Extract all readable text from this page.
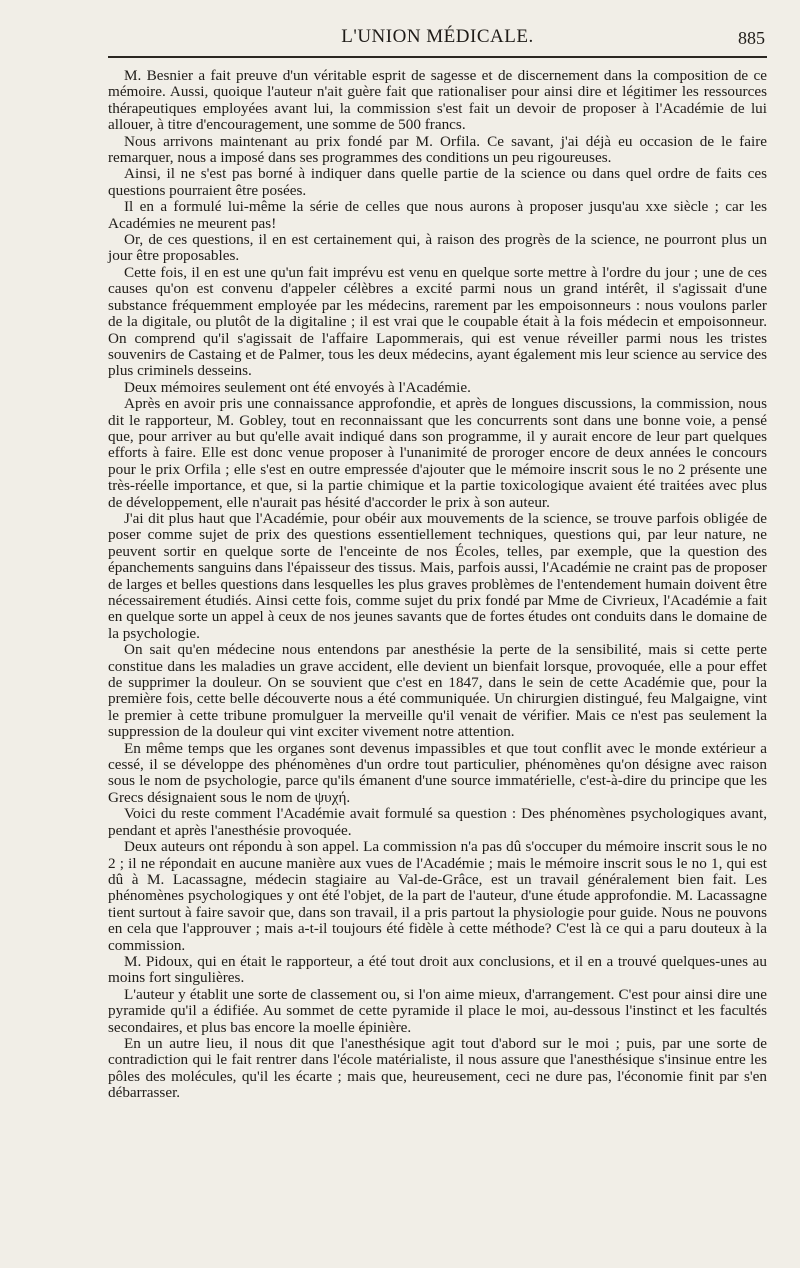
L'UNION MÉDICALE.	885

M. Besnier a fait preuve d'un véritable esprit de sagesse et de discernement dans la composition de ce mémoire. Aussi, quoique l'auteur n'ait guère fait que rationaliser pour ainsi dire et légitimer les ressources thérapeutiques employées avant lui, la commission s'est fait un devoir de proposer à l'Académie de lui allouer, à titre d'encouragement, une somme de 500 francs.

Nous arrivons maintenant au prix fondé par M. Orfila. Ce savant, j'ai déjà eu occasion de le faire remarquer, nous a imposé dans ses programmes des conditions un peu rigoureuses.

Ainsi, il ne s'est pas borné à indiquer dans quelle partie de la science ou dans quel ordre de faits ces questions pourraient être posées.

Il en a formulé lui-même la série de celles que nous aurons à proposer jusqu'au xxe siècle ; car les Académies ne meurent pas!

Or, de ces questions, il en est certainement qui, à raison des progrès de la science, ne pourront plus un jour être proposables.

Cette fois, il en est une qu'un fait imprévu est venu en quelque sorte mettre à l'ordre du jour ; une de ces causes qu'on est convenu d'appeler célèbres a excité parmi nous un grand intérêt, il s'agissait d'une substance fréquemment employée par les médecins, rarement par les empoisonneurs : nous voulons parler de la digitale, ou plutôt de la digitaline ; il est vrai que le coupable était à la fois médecin et empoisonneur. On comprend qu'il s'agissait de l'affaire Lapommerais, qui est venue réveiller parmi nous les tristes souvenirs de Castaing et de Palmer, tous les deux médecins, ayant également mis leur science au service des plus criminels desseins.

Deux mémoires seulement ont été envoyés à l'Académie.

Après en avoir pris une connaissance approfondie, et après de longues discussions, la commission, nous dit le rapporteur, M. Gobley, tout en reconnaissant que les concurrents sont dans une bonne voie, a pensé que, pour arriver au but qu'elle avait indiqué dans son programme, il y aurait encore de leur part quelques efforts à faire. Elle est donc venue proposer à l'unanimité de proroger encore de deux années le concours pour le prix Orfila ; elle s'est en outre empressée d'ajouter que le mémoire inscrit sous le no 2 présente une très-réelle importance, et que, si la partie chimique et la partie toxicologique avaient été traitées avec plus de développement, elle n'aurait pas hésité d'accorder le prix à son auteur.

J'ai dit plus haut que l'Académie, pour obéir aux mouvements de la science, se trouve parfois obligée de poser comme sujet de prix des questions essentiellement techniques, questions qui, par leur nature, ne peuvent sortir en quelque sorte de l'enceinte de nos Écoles, telles, par exemple, que la question des épanchements sanguins dans l'épaisseur des tissus. Mais, parfois aussi, l'Académie ne craint pas de proposer de larges et belles questions dans lesquelles les plus graves problèmes de l'entendement humain doivent être nécessairement étudiés. Ainsi cette fois, comme sujet du prix fondé par Mme de Civrieux, l'Académie a fait en quelque sorte un appel à ceux de nos jeunes savants que de fortes études ont conduits dans le domaine de la psychologie.

On sait qu'en médecine nous entendons par anesthésie la perte de la sensibilité, mais si cette perte constitue dans les maladies un grave accident, elle devient un bienfait lorsque, provoquée, elle a pour effet de supprimer la douleur. On se souvient que c'est en 1847, dans le sein de cette Académie que, pour la première fois, cette belle découverte nous a été communiquée. Un chirurgien distingué, feu Malgaigne, vint le premier à cette tribune promulguer la merveille qu'il venait de vérifier. Mais ce n'est pas seulement la suppression de la douleur qui vint exciter vivement notre attention.

En même temps que les organes sont devenus impassibles et que tout conflit avec le monde extérieur a cessé, il se développe des phénomènes d'un ordre tout particulier, phénomènes qu'on désigne avec raison sous le nom de psychologie, parce qu'ils émanent d'une source immatérielle, c'est-à-dire du principe que les Grecs désignaient sous le nom de ψυχή.

Voici du reste comment l'Académie avait formulé sa question : Des phénomènes psychologiques avant, pendant et après l'anesthésie provoquée.

Deux auteurs ont répondu à son appel. La commission n'a pas dû s'occuper du mémoire inscrit sous le no 2 ; il ne répondait en aucune manière aux vues de l'Académie ; mais le mémoire inscrit sous le no 1, qui est dû à M. Lacassagne, médecin stagiaire au Val-de-Grâce, est un travail généralement bien fait. Les phénomènes psychologiques y ont été l'objet, de la part de l'auteur, d'une étude approfondie. M. Lacassagne tient surtout à faire savoir que, dans son travail, il a pris partout la physiologie pour guide. Nous ne pouvons en cela que l'approuver ; mais a-t-il toujours été fidèle à cette méthode? C'est là ce qui a paru douteux à la commission.

M. Pidoux, qui en était le rapporteur, a été tout droit aux conclusions, et il en a trouvé quelques-unes au moins fort singulières.

L'auteur y établit une sorte de classement ou, si l'on aime mieux, d'arrangement. C'est pour ainsi dire une pyramide qu'il a édifiée. Au sommet de cette pyramide il place le moi, au-dessous l'instinct et les facultés secondaires, et plus bas encore la moelle épinière.

En un autre lieu, il nous dit que l'anesthésique agit tout d'abord sur le moi ; puis, par une sorte de contradiction qui le fait rentrer dans l'école matérialiste, il nous assure que l'anesthésique s'insinue entre les pôles des molécules, qu'il les écarte ; mais que, heureusement, ceci ne dure pas, l'économie finit par s'en débarrasser.
